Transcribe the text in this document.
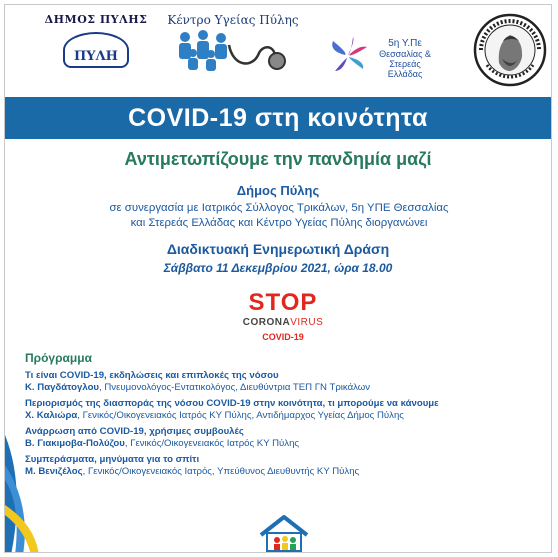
ΔΗΜΟΣ ΠΥΛΗΣ
ΠΥΛΗ
Κέντρο Υγείας Πύλης
5η Υ.Πε
Θεσσαλίας &
Στερεάς Ελλάδας
COVID-19 στη κοινότητα
Αντιμετωπίζουμε την πανδημία μαζί
Δήμος Πύλης
σε συνεργασία με Ιατρικός Σύλλογος Τρικάλων, 5η ΥΠΕ Θεσσαλίας
και Στερεάς Ελλάδας και Κέντρο Υγείας Πύλης διοργανώνει
Διαδικτυακή Ενημερωτική Δράση
Σάββατο 11 Δεκεμβρίου 2021, ώρα 18.00
STOP
CORONAVIRUS
COVID-19
Πρόγραμμα
Τι είναι COVID-19, εκδηλώσεις και επιπλοκές της νόσου
Κ. Παγδάτογλου, Πνευμονολόγος-Εντατικολόγος, Διευθύντρια ΤΕΠ ΓΝ Τρικάλων
Περιορισμός της διασποράς της νόσου COVID-19 στην κοινότητα, τι μπορούμε να κάνουμε
Χ. Καλιώρα, Γενικός/Οικογενειακός Ιατρός ΚΥ Πύλης, Αντιδήμαρχος Υγείας Δήμος Πύλης
Ανάρρωση από COVID-19, χρήσιμες συμβουλές
Β. Γιακιμοβα-Πολύζου, Γενικός/Οικογενειακός Ιατρός ΚΥ Πύλης
Συμπεράσματα, μηνύματα για το σπίτι
Μ. Βενιζέλος, Γενικός/Οικογενειακός Ιατρός, Υπεύθυνος Διευθυντής ΚΥ Πύλης
